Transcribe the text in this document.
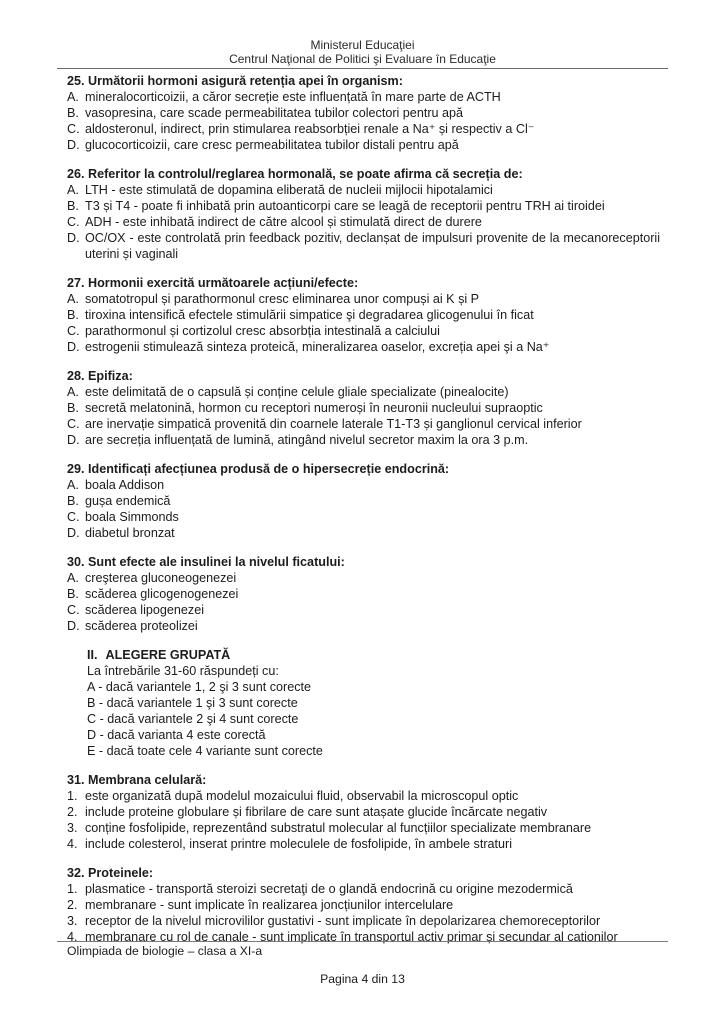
Ministerul Educaţiei
Centrul Naţional de Politici şi Evaluare în Educaţie
25. Următorii hormoni asigură retenția apei în organism:
A. mineralocorticoizii, a căror secreție este influențată în mare parte de ACTH
B. vasopresina, care scade permeabilitatea tubilor colectori pentru apă
C. aldosteronul, indirect, prin stimularea reabsorbției renale a Na⁺ și respectiv a Cl⁻
D. glucocorticoizii, care cresc permeabilitatea tubilor distali pentru apă
26. Referitor la controlul/reglarea hormonală, se poate afirma că secreția de:
A. LTH - este stimulată de dopamina eliberată de nucleii mijlocii hipotalamici
B. T3 și T4 - poate fi inhibată prin autoanticorpi care se leagă de receptorii pentru TRH ai tiroidei
C. ADH - este inhibată indirect de către alcool și stimulată direct de durere
D. OC/OX - este controlată prin feedback pozitiv, declanșat de impulsuri provenite de la mecanoreceptorii uterini și vaginali
27. Hormonii exercită următoarele acțiuni/efecte:
A. somatotropul și parathormonul cresc eliminarea unor compuși ai K și P
B. tiroxina intensifică efectele stimulării simpatice şi degradarea glicogenului în ficat
C. parathormonul și cortizolul cresc absorbția intestinală a calciului
D. estrogenii stimulează sinteza proteică, mineralizarea oaselor, excreția apei şi a Na⁺
28. Epifiza:
A. este delimitată de o capsulă și conține celule gliale specializate (pinealocite)
B. secretă melatonină, hormon cu receptori numeroși în neuronii nucleului supraoptic
C. are inervație simpatică provenită din coarnele laterale T1-T3 și ganglionul cervical inferior
D. are secreția influențată de lumină, atingând nivelul secretor maxim la ora 3 p.m.
29. Identificați afecțiunea produsă de o hipersecreție endocrină:
A. boala Addison
B. gușa endemică
C. boala Simmonds
D. diabetul bronzat
30. Sunt efecte ale insulinei la nivelul ficatului:
A. creşterea gluconeogenezei
B. scăderea glicogenogenezei
C. scăderea lipogenezei
D. scăderea proteolizei
II. ALEGERE GRUPATĂ
La întrebările 31-60 răspundeți cu:
A - dacă variantele 1, 2 şi 3 sunt corecte
B - dacă variantele 1 şi 3 sunt corecte
C - dacă variantele 2 şi 4 sunt corecte
D - dacă varianta 4 este corectă
E - dacă toate cele 4 variante sunt corecte
31. Membrana celulară:
1. este organizată după modelul mozaicului fluid, observabil la microscopul optic
2. include proteine globulare și fibrilare de care sunt atașate glucide încărcate negativ
3. conține fosfolipide, reprezentând substratul molecular al funcțiilor specializate membranare
4. include colesterol, inserat printre moleculele de fosfolipide, în ambele straturi
32. Proteinele:
1. plasmatice - transportă steroizi secretaţi de o glandă endocrină cu origine mezodermică
2. membranare - sunt implicate în realizarea joncțiunilor intercelulare
3. receptor de la nivelul microvililor gustativi - sunt implicate în depolarizarea chemoreceptorilor
4. membranare cu rol de canale - sunt implicate în transportul activ primar și secundar al cationilor
Olimpiada de biologie – clasa a XI-a
Pagina 4 din 13
